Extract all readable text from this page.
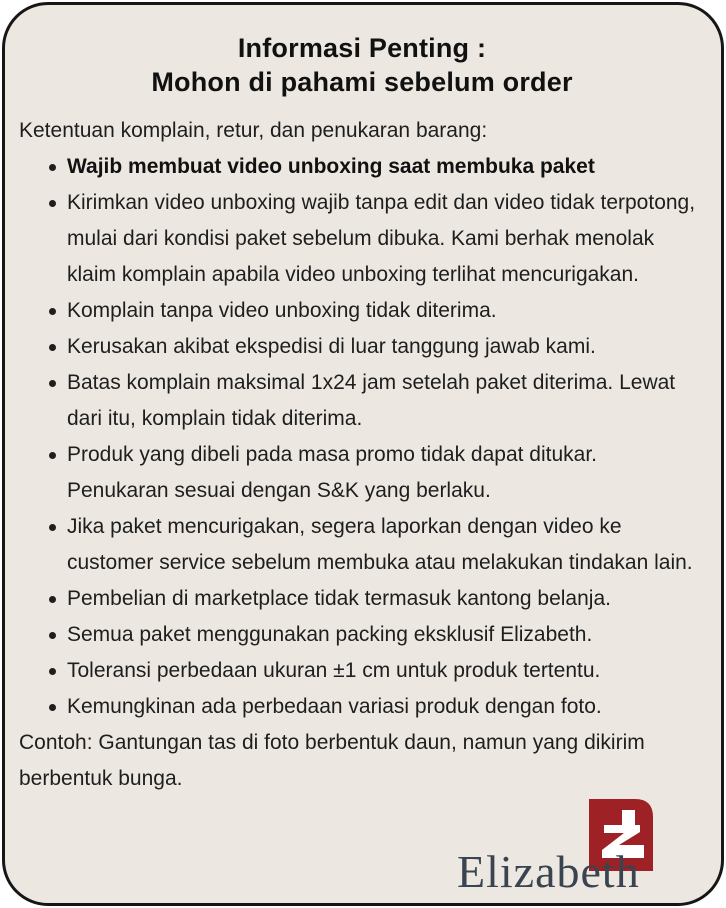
Informasi Penting :
Mohon di pahami sebelum order

Ketentuan komplain, retur, dan penukaran barang:

Wajib membuat video unboxing saat membuka paket
Kirimkan video unboxing wajib tanpa edit dan video tidak terpotong, mulai dari kondisi paket sebelum dibuka. Kami berhak menolak klaim komplain apabila video unboxing terlihat mencurigakan.
Komplain tanpa video unboxing tidak diterima.
Kerusakan akibat ekspedisi di luar tanggung jawab kami.
Batas komplain maksimal 1x24 jam setelah paket diterima. Lewat dari itu, komplain tidak diterima.
Produk yang dibeli pada masa promo tidak dapat ditukar. Penukaran sesuai dengan S&K yang berlaku.
Jika paket mencurigakan, segera laporkan dengan video ke customer service sebelum membuka atau melakukan tindakan lain.
Pembelian di marketplace tidak termasuk kantong belanja.
Semua paket menggunakan packing eksklusif Elizabeth.
Toleransi perbedaan ukuran ±1 cm untuk produk tertentu.
Kemungkinan ada perbedaan variasi produk dengan foto.

Contoh: Gantungan tas di foto berbentuk daun, namun yang dikirim berbentuk bunga.

Elizabeth
